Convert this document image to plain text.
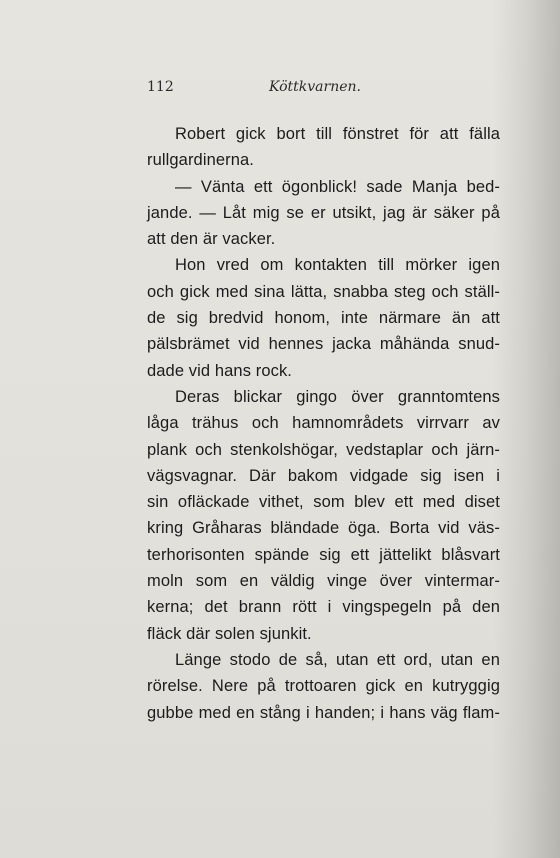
112	Köttkvarnen.
Robert gick bort till fönstret för att fälla
rullgardinerna.
— Vänta ett ögonblick! sade Manja bed-
jande. — Låt mig se er utsikt, jag är säker på
att den är vacker.
Hon vred om kontakten till mörker igen
och gick med sina lätta, snabba steg och ställ-
de sig bredvid honom, inte närmare än att
pälsbrämet vid hennes jacka måhända snud-
dade vid hans rock.
Deras blickar gingo över granntomtens
låga trähus och hamnområdets virrvarr av
plank och stenkolshögar, vedstaplar och järn-
vägsvagnar. Där bakom vidgade sig isen i
sin ofläckade vithet, som blev ett med diset
kring Gråharas bländade öga. Borta vid väs-
terhorisonten spände sig ett jättelikt blåsvart
moln som en väldig vinge över vintermar-
kerna; det brann rött i vingspegeln på den
fläck där solen sjunkit.
Länge stodo de så, utan ett ord, utan en
rörelse. Nere på trottoaren gick en kutryggig
gubbe med en stång i handen; i hans väg flam-
